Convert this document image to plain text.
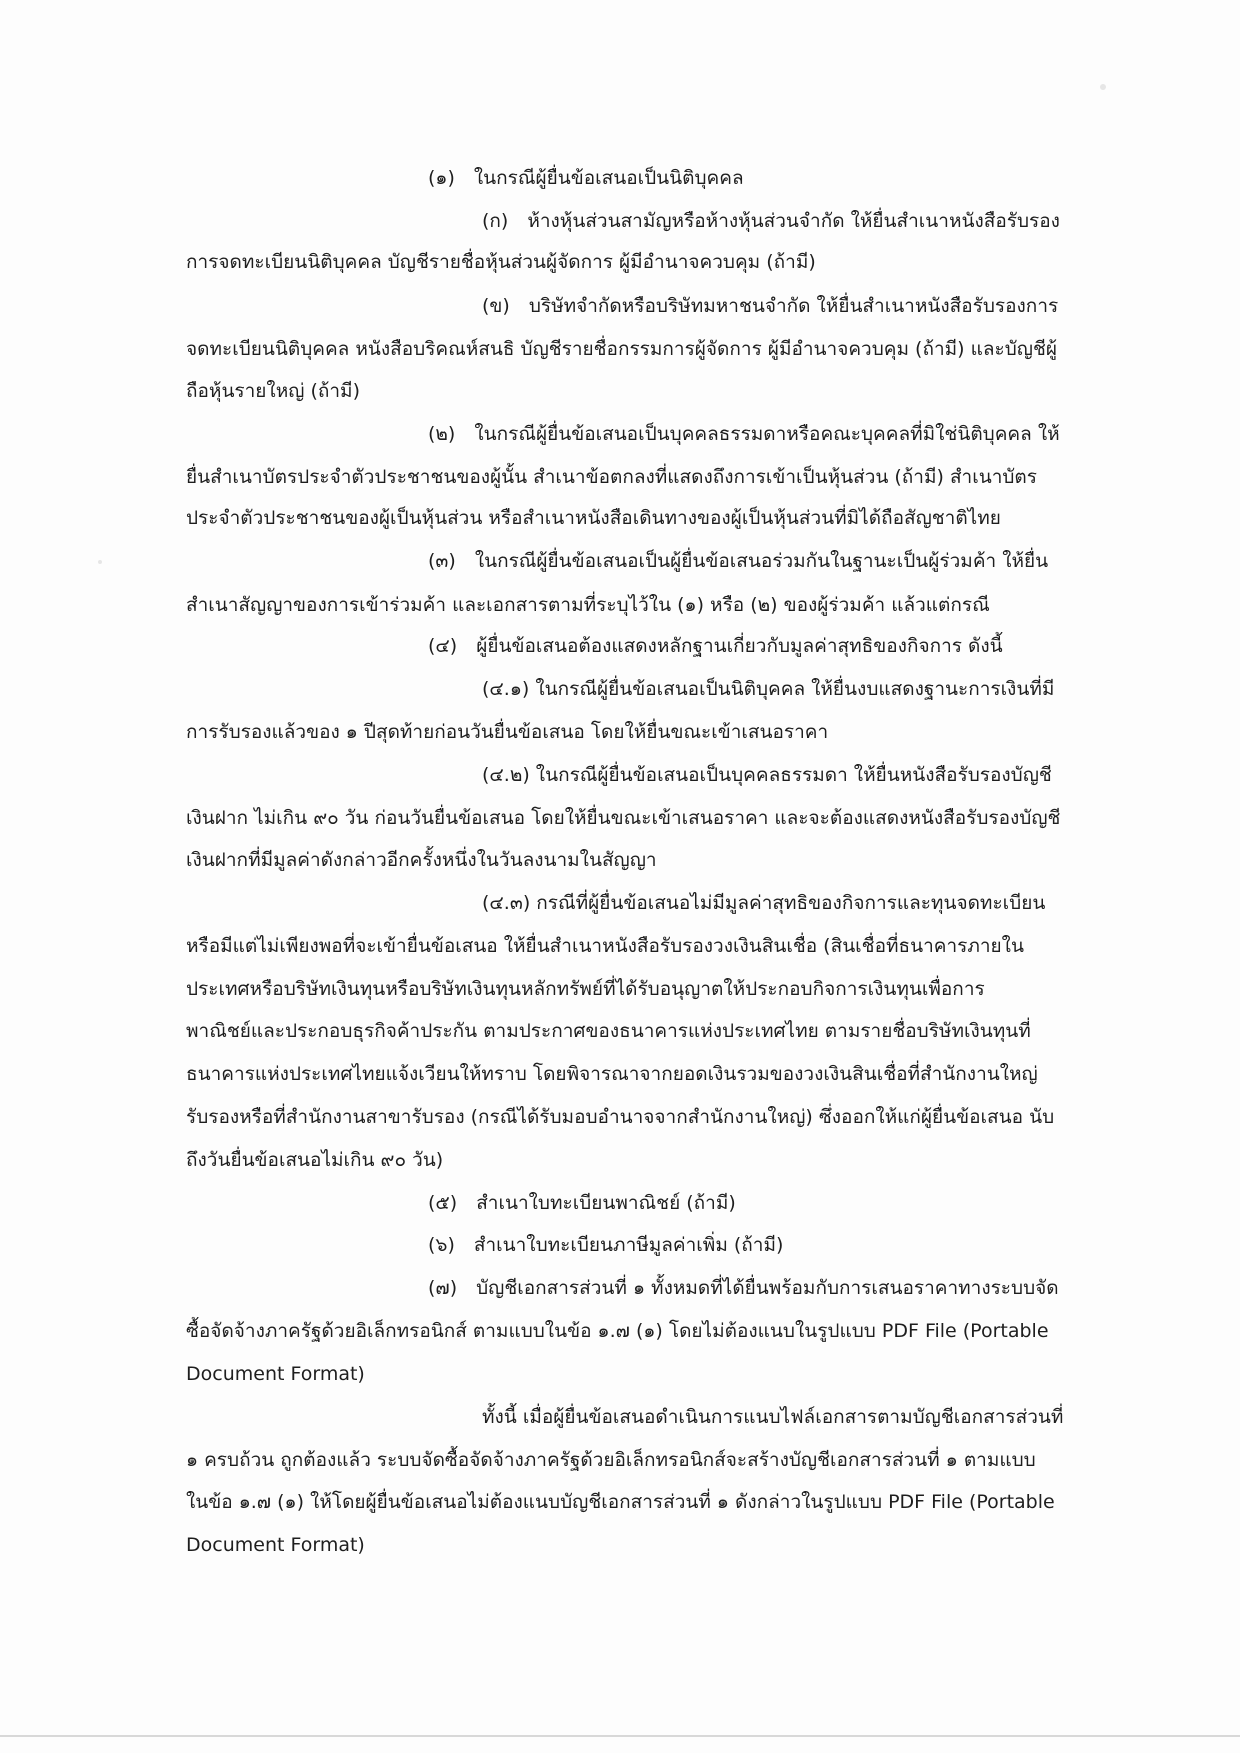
(๑) ในกรณีผู้ยื่นข้อเสนอเป็นนิติบุคคล
(ก) ห้างหุ้นส่วนสามัญหรือห้างหุ้นส่วนจำกัด ให้ยื่นสำเนาหนังสือรับรอง
การจดทะเบียนนิติบุคคล บัญชีรายชื่อหุ้นส่วนผู้จัดการ ผู้มีอำนาจควบคุม (ถ้ามี)
(ข) บริษัทจำกัดหรือบริษัทมหาชนจำกัด ให้ยื่นสำเนาหนังสือรับรองการ
จดทะเบียนนิติบุคคล หนังสือบริคณห์สนธิ บัญชีรายชื่อกรรมการผู้จัดการ ผู้มีอำนาจควบคุม (ถ้ามี) และบัญชีผู้
ถือหุ้นรายใหญ่ (ถ้ามี)
(๒) ในกรณีผู้ยื่นข้อเสนอเป็นบุคคลธรรมดาหรือคณะบุคคลที่มิใช่นิติบุคคล ให้
ยื่นสำเนาบัตรประจำตัวประชาชนของผู้นั้น สำเนาข้อตกลงที่แสดงถึงการเข้าเป็นหุ้นส่วน (ถ้ามี) สำเนาบัตร
ประจำตัวประชาชนของผู้เป็นหุ้นส่วน หรือสำเนาหนังสือเดินทางของผู้เป็นหุ้นส่วนที่มิได้ถือสัญชาติไทย
(๓) ในกรณีผู้ยื่นข้อเสนอเป็นผู้ยื่นข้อเสนอร่วมกันในฐานะเป็นผู้ร่วมค้า ให้ยื่น
สำเนาสัญญาของการเข้าร่วมค้า และเอกสารตามที่ระบุไว้ใน (๑) หรือ (๒) ของผู้ร่วมค้า แล้วแต่กรณี
(๔) ผู้ยื่นข้อเสนอต้องแสดงหลักฐานเกี่ยวกับมูลค่าสุทธิของกิจการ ดังนี้
(๔.๑) ในกรณีผู้ยื่นข้อเสนอเป็นนิติบุคคล ให้ยื่นงบแสดงฐานะการเงินที่มี
การรับรองแล้วของ ๑ ปีสุดท้ายก่อนวันยื่นข้อเสนอ โดยให้ยื่นขณะเข้าเสนอราคา
(๔.๒) ในกรณีผู้ยื่นข้อเสนอเป็นบุคคลธรรมดา ให้ยื่นหนังสือรับรองบัญชี
เงินฝาก ไม่เกิน ๙๐ วัน ก่อนวันยื่นข้อเสนอ โดยให้ยื่นขณะเข้าเสนอราคา และจะต้องแสดงหนังสือรับรองบัญชี
เงินฝากที่มีมูลค่าดังกล่าวอีกครั้งหนึ่งในวันลงนามในสัญญา
(๔.๓) กรณีที่ผู้ยื่นข้อเสนอไม่มีมูลค่าสุทธิของกิจการและทุนจดทะเบียน
หรือมีแต่ไม่เพียงพอที่จะเข้ายื่นข้อเสนอ ให้ยื่นสำเนาหนังสือรับรองวงเงินสินเชื่อ (สินเชื่อที่ธนาคารภายใน
ประเทศหรือบริษัทเงินทุนหรือบริษัทเงินทุนหลักทรัพย์ที่ได้รับอนุญาตให้ประกอบกิจการเงินทุนเพื่อการ
พาณิชย์และประกอบธุรกิจค้าประกัน ตามประกาศของธนาคารแห่งประเทศไทย ตามรายชื่อบริษัทเงินทุนที่
ธนาคารแห่งประเทศไทยแจ้งเวียนให้ทราบ โดยพิจารณาจากยอดเงินรวมของวงเงินสินเชื่อที่สำนักงานใหญ่
รับรองหรือที่สำนักงานสาขารับรอง (กรณีได้รับมอบอำนาจจากสำนักงานใหญ่) ซึ่งออกให้แก่ผู้ยื่นข้อเสนอ นับ
ถึงวันยื่นข้อเสนอไม่เกิน ๙๐ วัน)
(๕) สำเนาใบทะเบียนพาณิชย์ (ถ้ามี)
(๖) สำเนาใบทะเบียนภาษีมูลค่าเพิ่ม (ถ้ามี)
(๗) บัญชีเอกสารส่วนที่ ๑ ทั้งหมดที่ได้ยื่นพร้อมกับการเสนอราคาทางระบบจัด
ซื้อจัดจ้างภาครัฐด้วยอิเล็กทรอนิกส์ ตามแบบในข้อ ๑.๗ (๑) โดยไม่ต้องแนบในรูปแบบ PDF File (Portable
Document Format)
ทั้งนี้ เมื่อผู้ยื่นข้อเสนอดำเนินการแนบไฟล์เอกสารตามบัญชีเอกสารส่วนที่
๑ ครบถ้วน ถูกต้องแล้ว ระบบจัดซื้อจัดจ้างภาครัฐด้วยอิเล็กทรอนิกส์จะสร้างบัญชีเอกสารส่วนที่ ๑ ตามแบบ
ในข้อ ๑.๗ (๑) ให้โดยผู้ยื่นข้อเสนอไม่ต้องแนบบัญชีเอกสารส่วนที่ ๑ ดังกล่าวในรูปแบบ PDF File (Portable
Document Format)
